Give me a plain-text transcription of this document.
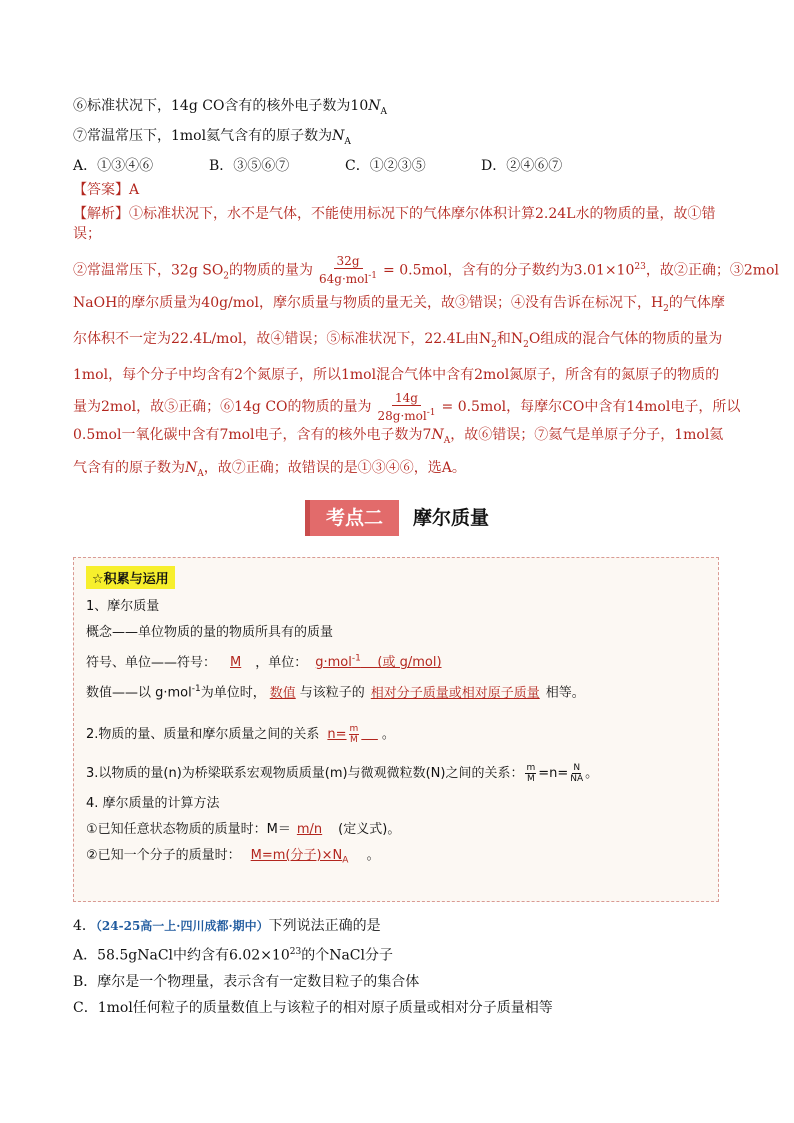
⑥标准状况下，14g CO含有的核外电子数为$10N_A$
⑦常温常压下，1mol氦气含有的原子数为$N_A$
A．①③④⑥	B．③⑤⑥⑦	C．①②③⑤	D．②④⑥⑦
【答案】A
【解析】①标准状况下，水不是气体，不能使用标况下的气体摩尔体积计算2.24L水的物质的量，故①错误；
②常温常压下，32g $SO_2$的物质的量为 $\frac{32g}{64g\cdot mol^{-1}} = 0.5mol$，含有的分子数约为$3.01\times 10^{23}$，故②正确；③2mol
NaOH的摩尔质量为40g/mol，摩尔质量与物质的量无关，故③错误；④没有告诉在标况下，$H_2$的气体摩
尔体积不一定为22.4L/mol，故④错误；⑤标准状况下，22.4L由$N_2$和$N_2O$组成的混合气体的物质的量为
1mol，每个分子中均含有2个氮原子，所以1mol混合气体中含有2mol氮原子，所含有的氮原子的物质的
量为2mol，故⑤正确；⑥14g CO的物质的量为 $\frac{14g}{28g\cdot mol^{-1}} = 0.5mol$，每摩尔CO中含有14mol电子，所以
0.5mol一氧化碳中含有7mol电子，含有的核外电子数为$7N_A$，故⑥错误；⑦氦气是单原子分子，1mol氦
气含有的原子数为$N_A$，故⑦正确；故错误的是①③④⑥，选A。
考点二	摩尔质量
☆积累与运用
1、摩尔质量
概念——单位物质的量的物质所具有的质量
符号、单位——符号： M ，单位： g·mol$^{-1}$ (或 g/mol)
数值——以 g·mol$^{-1}$为单位时， 数值 与该粒子的 相对分子质量或相对原子质量 相等。
2.物质的量、质量和摩尔质量之间的关系 $n= \frac{m}{M}$ 。
3.以物质的量(n)为桥梁联系宏观物质质量(m)与微观微粒数(N)之间的关系： $\frac{m}{M} =n= \frac{N}{NA}$ 。
4. 摩尔质量的计算方法
①已知任意状态物质的质量时：M＝ m/n (定义式)。
②已知一个分子的质量时： M=m(分子)$\times N_A$ 。
4．（24-25高一上·四川成都·期中）下列说法正确的是
A．58.5gNaCl中约含有$6.02\times 10^{23}$的个NaCl分子
B．摩尔是一个物理量，表示含有一定数目粒子的集合体
C．1mol任何粒子的质量数值上与该粒子的相对原子质量或相对分子质量相等
